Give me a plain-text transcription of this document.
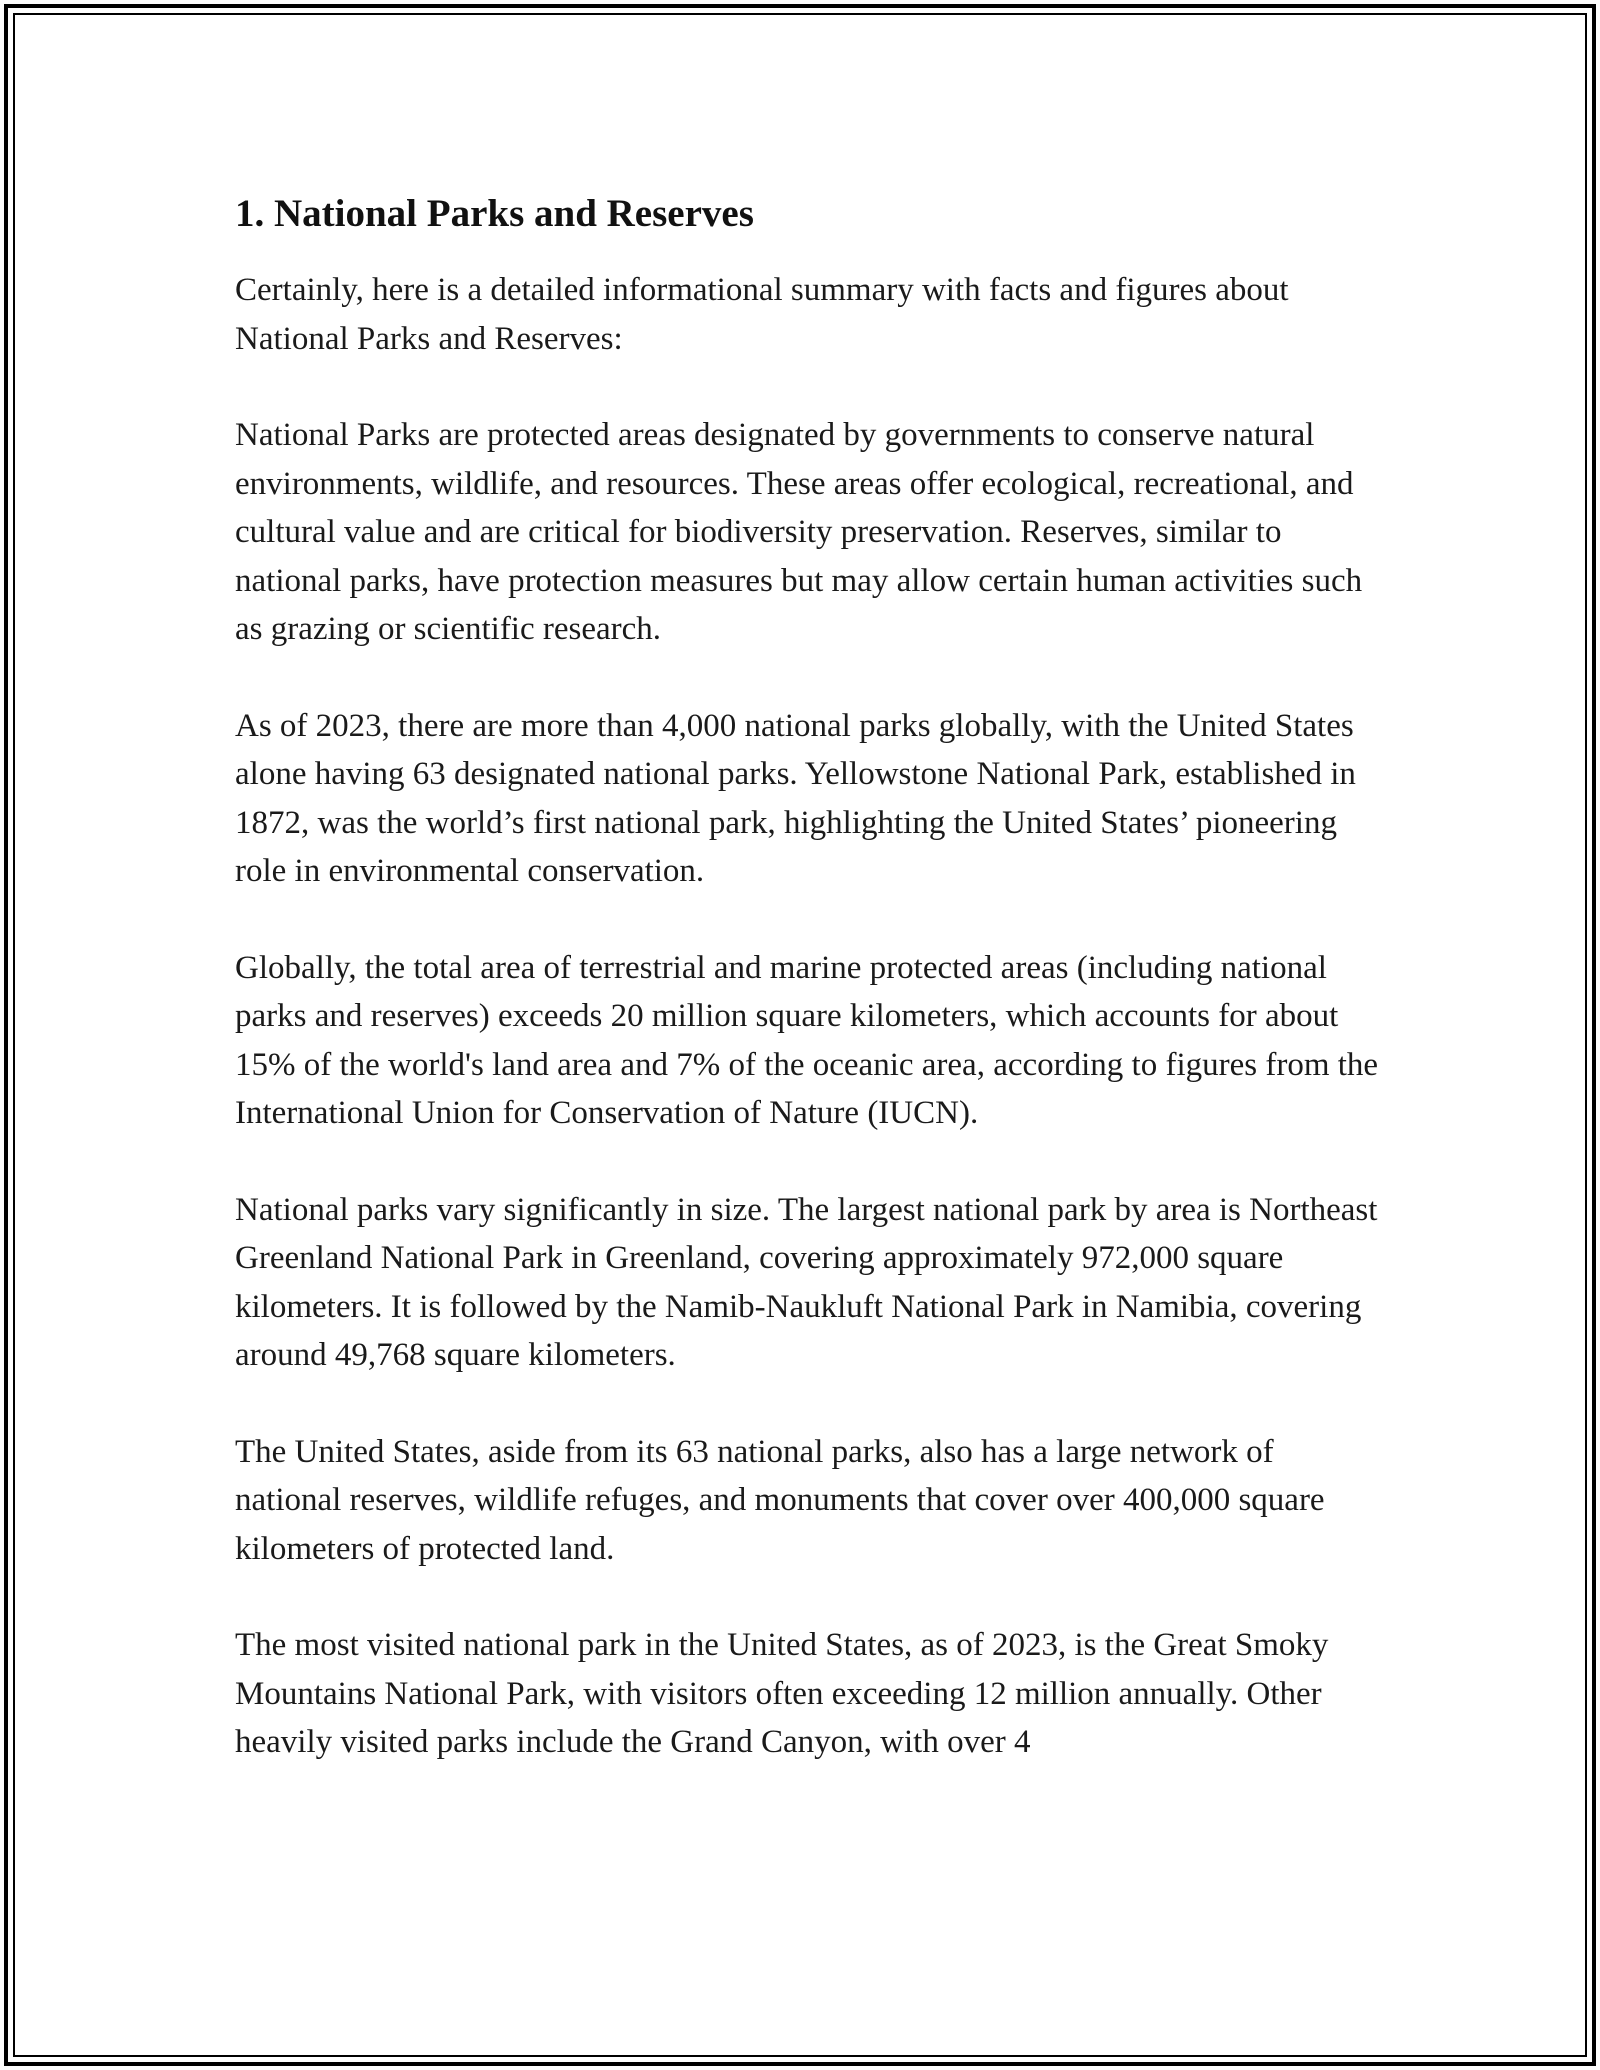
1. National Parks and Reserves

Certainly, here is a detailed informational summary with facts and figures about National Parks and Reserves:

National Parks are protected areas designated by governments to conserve natural environments, wildlife, and resources. These areas offer ecological, recreational, and cultural value and are critical for biodiversity preservation. Reserves, similar to national parks, have protection measures but may allow certain human activities such as grazing or scientific research.

As of 2023, there are more than 4,000 national parks globally, with the United States alone having 63 designated national parks. Yellowstone National Park, established in 1872, was the world’s first national park, highlighting the United States’ pioneering role in environmental conservation.

Globally, the total area of terrestrial and marine protected areas (including national parks and reserves) exceeds 20 million square kilometers, which accounts for about 15% of the world's land area and 7% of the oceanic area, according to figures from the International Union for Conservation of Nature (IUCN).

National parks vary significantly in size. The largest national park by area is Northeast Greenland National Park in Greenland, covering approximately 972,000 square kilometers. It is followed by the Namib-Naukluft National Park in Namibia, covering around 49,768 square kilometers.

The United States, aside from its 63 national parks, also has a large network of national reserves, wildlife refuges, and monuments that cover over 400,000 square kilometers of protected land.

The most visited national park in the United States, as of 2023, is the Great Smoky Mountains National Park, with visitors often exceeding 12 million annually. Other heavily visited parks include the Grand Canyon, with over 4
